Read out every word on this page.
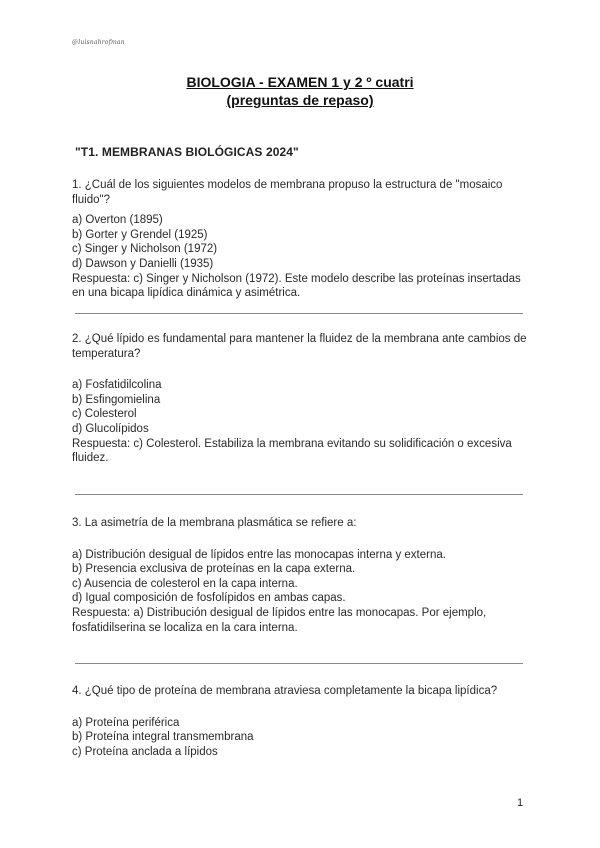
@luisnahrofman
BIOLOGIA - EXAMEN 1 y 2 º cuatri
(preguntas de repaso)
"T1. MEMBRANAS BIOLÓGICAS 2024"

1. ¿Cuál de los siguientes modelos de membrana propuso la estructura de "mosaico fluido"?

a) Overton (1895)

b) Gorter y Grendel (1925)

c) Singer y Nicholson (1972)

d) Dawson y Danielli (1935)

Respuesta: c) Singer y Nicholson (1972). Este modelo describe las proteínas insertadas en una bicapa lipídica dinámica y asimétrica.

2. ¿Qué lípido es fundamental para mantener la fluidez de la membrana ante cambios de temperatura?

a) Fosfatidilcolina

b) Esfingomielina

c) Colesterol

d) Glucolípidos

Respuesta: c) Colesterol. Estabiliza la membrana evitando su solidificación o excesiva fluidez.

3. La asimetría de la membrana plasmática se refiere a:

a) Distribución desigual de lípidos entre las monocapas interna y externa.

b) Presencia exclusiva de proteínas en la capa externa.

c) Ausencia de colesterol en la capa interna.

d) Igual composición de fosfolípidos en ambas capas.

Respuesta: a) Distribución desigual de lípidos entre las monocapas. Por ejemplo, fosfatidilserina se localiza en la cara interna.

4. ¿Qué tipo de proteína de membrana atraviesa completamente la bicapa lipídica?

a) Proteína periférica

b) Proteína integral transmembrana

c) Proteína anclada a lípidos

1
